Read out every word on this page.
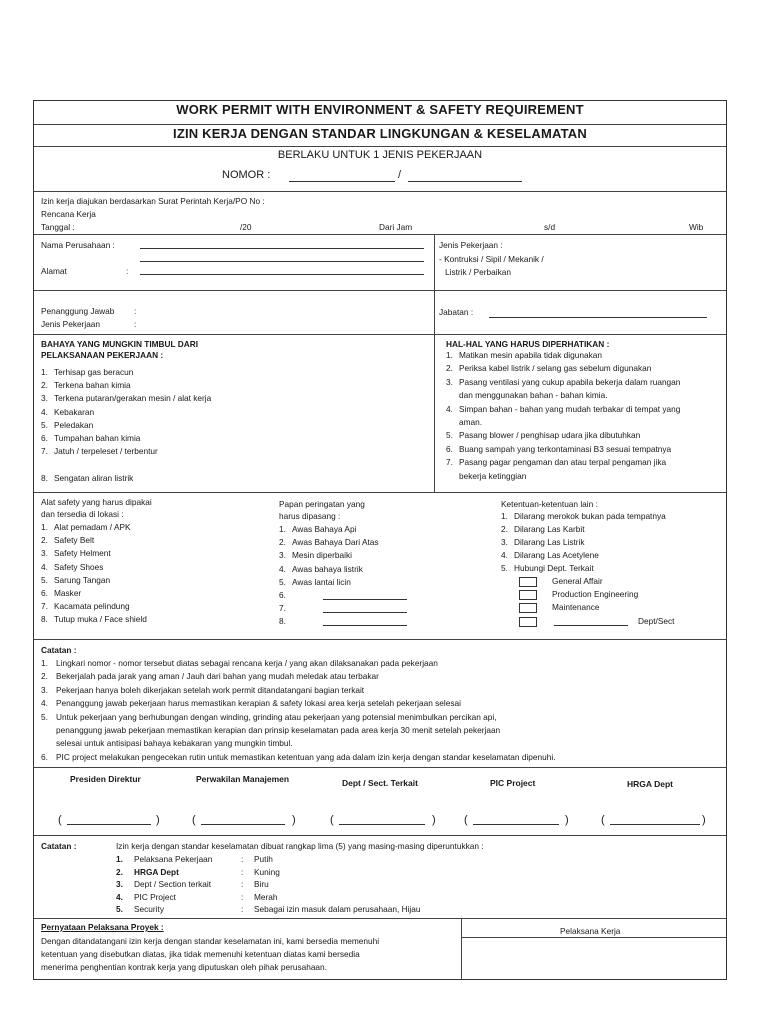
WORK PERMIT WITH ENVIRONMENT & SAFETY REQUIREMENT
IZIN KERJA DENGAN STANDAR LINGKUNGAN & KESELAMATAN
BERLAKU UNTUK 1 JENIS PEKERJAAN
NOMOR :	/
Izin kerja diajukan berdasarkan Surat Perintah Kerja/PO No :
Rencana Kerja
Tanggal :	/20	Dari Jam	s/d	Wib
Nama Perusahaan :
Alamat	:
Jenis Pekerjaan :
- Kontruksi / Sipil / Mekanik /
Listrik / Perbaikan
Penanggung Jawab :
Jenis Pekerjaan	:
Jabatan :
BAHAYA YANG MUNGKIN TIMBUL DARI
PELAKSANAAN PEKERJAAN :
1. Terhisap gas beracun
2. Terkena bahan kimia
3. Terkena putaran/gerakan mesin / alat kerja
4. Kebakaran
5. Peledakan
6. Tumpahan bahan kimia
7. Jatuh / terpeleset / terbentur
8. Sengatan aliran listrik
HAL-HAL YANG HARUS DIPERHATIKAN :
1. Matikan mesin apabila tidak digunakan
2. Periksa kabel listrik / selang gas sebelum digunakan
3. Pasang ventilasi yang cukup apabila bekerja dalam ruangan
dan menggunakan bahan - bahan kimia.
4. Simpan bahan - bahan yang mudah terbakar di tempat yang
aman.
5. Pasang blower / penghisap udara jika dibutuhkan
6. Buang sampah yang terkontaminasi B3 sesuai tempatnya
7. Pasang pagar pengaman dan atau terpal pengaman jika
bekerja ketinggian
Alat safety yang harus dipakai
dan tersedia di lokasi :
1. Alat pemadam / APK
2. Safety Belt
3. Safety Helment
4. Safety Shoes
5. Sarung Tangan
6. Masker
7. Kacamata pelindung
8. Tutup muka / Face shield
Papan peringatan yang
harus dipasang :
1. Awas Bahaya Api
2. Awas Bahaya Dari Atas
3. Mesin diperbaiki
4. Awas bahaya listrik
5. Awas lantai licin
6.
7.
8.
Ketentuan-ketentuan lain :
1. Dilarang merokok bukan pada tempatnya
2. Dilarang Las Karbit
3. Dilarang Las Listrik
4. Dilarang Las Acetylene
5. Hubungi Dept. Terkait
General Affair
Production Engineering
Maintenance
Dept/Sect
Catatan :
1. Lingkari nomor - nomor tersebut diatas sebagai rencana kerja / yang akan dilaksanakan pada pekerjaan
2. Bekerjalah pada jarak yang aman / Jauh dari bahan yang mudah meledak atau terbakar
3. Pekerjaan hanya boleh dikerjakan setelah work permit ditandatangani bagian terkait
4. Penanggung jawab pekerjaan harus memastikan kerapian & safety lokasi area kerja setelah pekerjaan selesai
5. Untuk pekerjaan yang berhubungan dengan winding, grinding atau pekerjaan yang potensial menimbulkan percikan api,
penanggung jawab pekerjaan memastikan kerapian dan prinsip keselamatan pada area kerja 30 menit setelah pekerjaan
selesai untuk antisipasi bahaya kebakaran yang mungkin timbul.
6. PIC project melakukan pengecekan rutin untuk memastikan ketentuan yang ada dalam izin kerja dengan standar keselamatan dipenuhi.
Presiden Direktur	Perwakilan Manajemen	Dept / Sect. Terkait	PIC Project	HRGA Dept
(	)	(	)	(	)	(	)	(	)
Catatan :	Izin kerja dengan standar keselamatan dibuat rangkap lima (5) yang masing-masing diperuntukkan :
1. Pelaksana Pekerjaan	: Putih
2. HRGA Dept	: Kuning
3. Dept / Section terkait	: Biru
4. PIC Project	: Merah
5. Security	: Sebagai izin masuk dalam perusahaan, Hijau
Pernyataan Pelaksana Proyek :
Dengan ditandatangani izin kerja dengan standar keselamatan ini, kami bersedia memenuhi
ketentuan yang disebutkan diatas, jika tidak memenuhi ketentuan diatas kami bersedia
menerima penghentian kontrak kerja yang diputuskan oleh pihak perusahaan.
Pelaksana Kerja
